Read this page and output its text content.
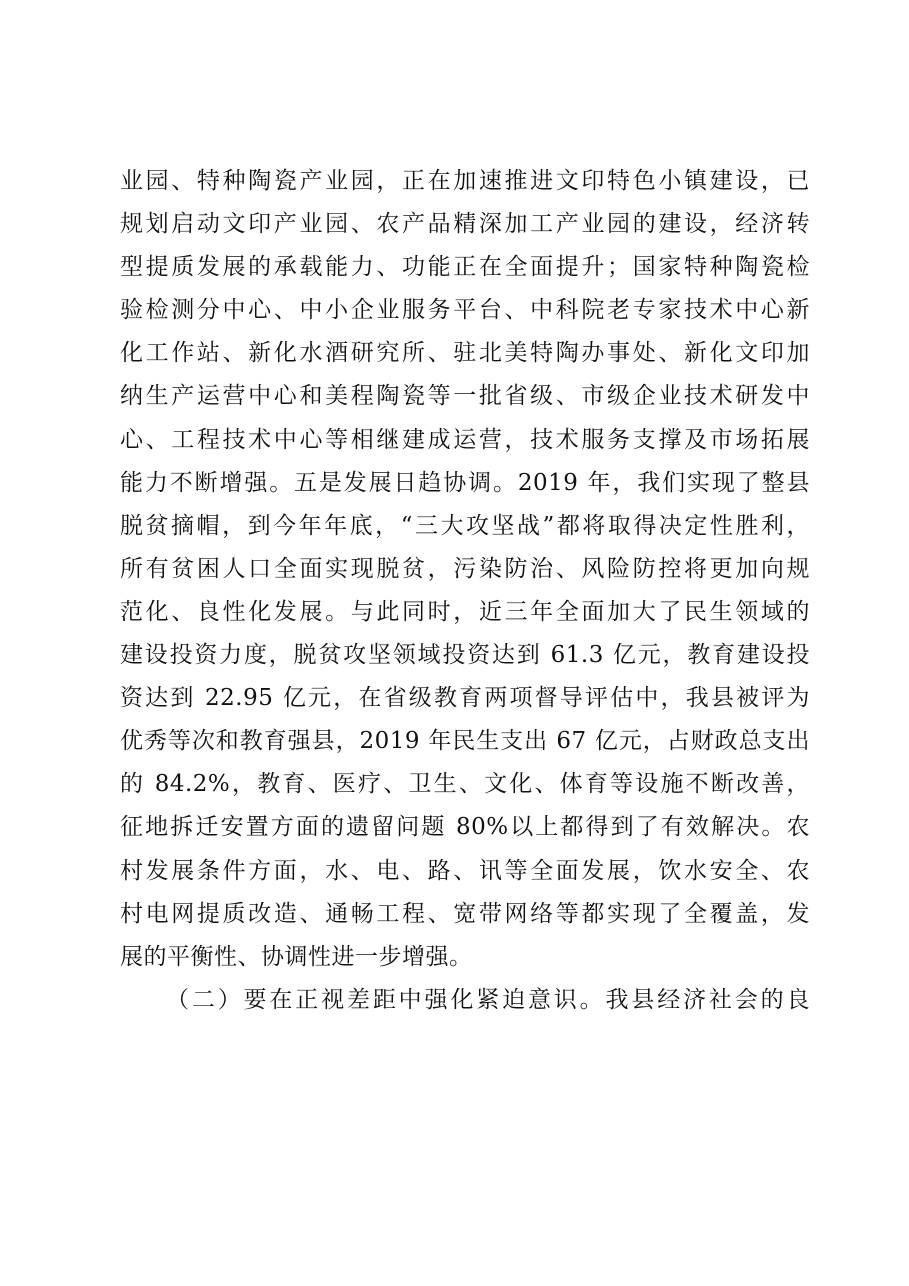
业园、特种陶瓷产业园，正在加速推进文印特色小镇建设，已
规划启动文印产业园、农产品精深加工产业园的建设，经济转
型提质发展的承载能力、功能正在全面提升；国家特种陶瓷检
验检测分中心、中小企业服务平台、中科院老专家技术中心新
化工作站、新化水酒研究所、驻北美特陶办事处、新化文印加
纳生产运营中心和美程陶瓷等一批省级、市级企业技术研发中
心、工程技术中心等相继建成运营，技术服务支撑及市场拓展
能力不断增强。五是发展日趋协调。2019 年，我们实现了整县
脱贫摘帽，到今年年底，“三大攻坚战”都将取得决定性胜利，
所有贫困人口全面实现脱贫，污染防治、风险防控将更加向规
范化、良性化发展。与此同时，近三年全面加大了民生领域的
建设投资力度，脱贫攻坚领域投资达到 61.3 亿元，教育建设投
资达到 22.95 亿元，在省级教育两项督导评估中，我县被评为
优秀等次和教育强县，2019 年民生支出 67 亿元，占财政总支出
的 84.2%，教育、医疗、卫生、文化、体育等设施不断改善，
征地拆迁安置方面的遗留问题 80%以上都得到了有效解决。农
村发展条件方面，水、电、路、讯等全面发展，饮水安全、农
村电网提质改造、通畅工程、宽带网络等都实现了全覆盖，发
展的平衡性、协调性进一步增强。
（二）要在正视差距中强化紧迫意识。我县经济社会的良
